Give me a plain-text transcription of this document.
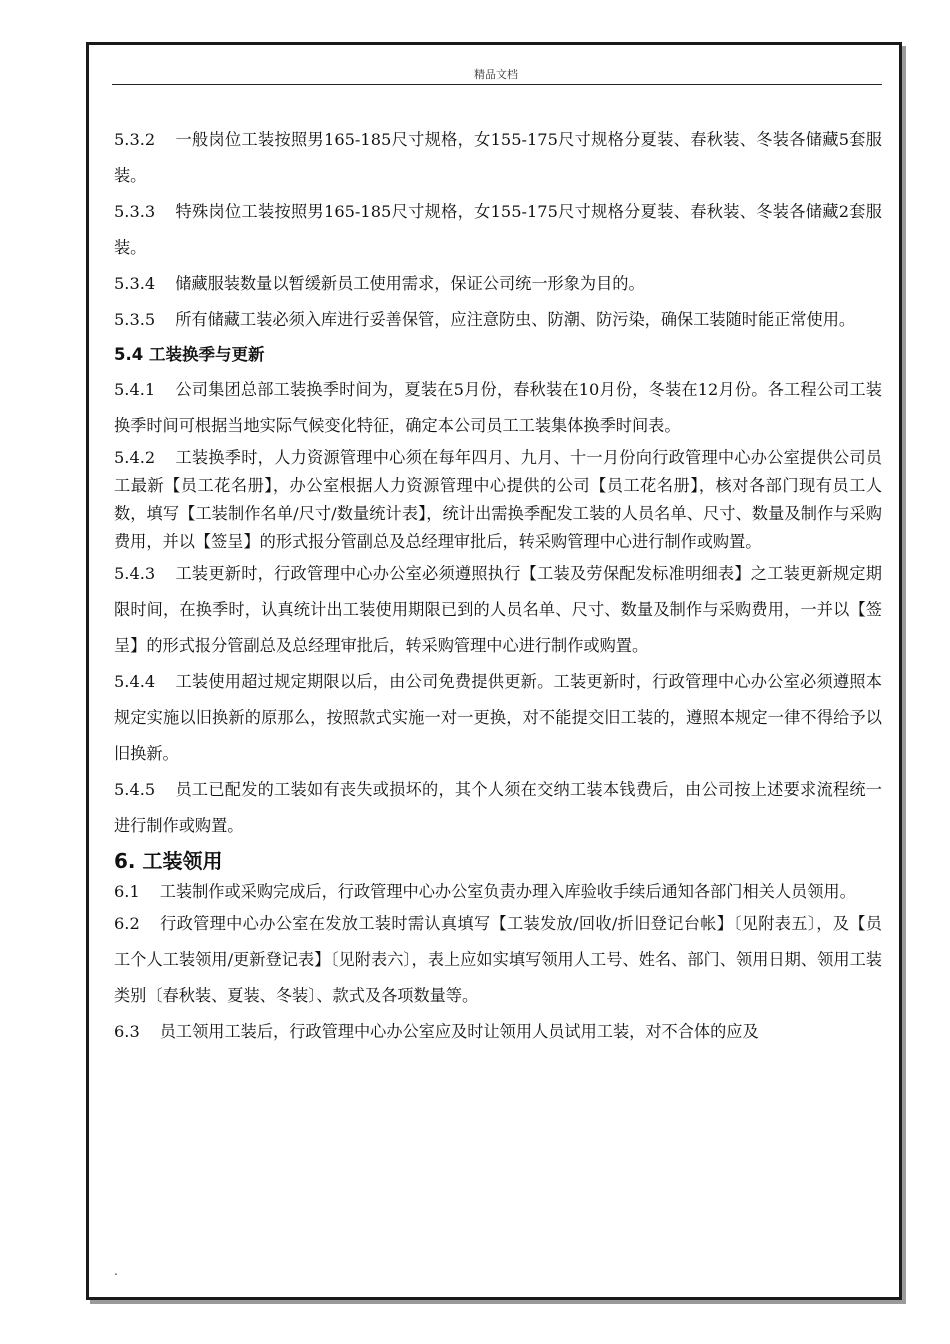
精品文档

5.3.2 一般岗位工装按照男165-185尺寸规格，女155-175尺寸规格分夏装、春秋装、冬装各储藏5套服装。

5.3.3 特殊岗位工装按照男165-185尺寸规格，女155-175尺寸规格分夏装、春秋装、冬装各储藏2套服装。

5.3.4 储藏服装数量以暂缓新员工使用需求，保证公司统一形象为目的。

5.3.5 所有储藏工装必须入库进行妥善保管，应注意防虫、防潮、防污染，确保工装随时能正常使用。

5.4 工装换季与更新

5.4.1 公司集团总部工装换季时间为，夏装在5月份，春秋装在10月份，冬装在12月份。各工程公司工装换季时间可根据当地实际气候变化特征，确定本公司员工工装集体换季时间表。

5.4.2 工装换季时，人力资源管理中心须在每年四月、九月、十一月份向行政管理中心办公室提供公司员工最新【员工花名册】，办公室根据人力资源管理中心提供的公司【员工花名册】，核对各部门现有员工人数，填写【工装制作名单/尺寸/数量统计表】，统计出需换季配发工装的人员名单、尺寸、数量及制作与采购费用，并以【签呈】的形式报分管副总及总经理审批后，转采购管理中心进行制作或购置。

5.4.3 工装更新时，行政管理中心办公室必须遵照执行【工装及劳保配发标准明细表】之工装更新规定期限时间，在换季时，认真统计出工装使用期限已到的人员名单、尺寸、数量及制作与采购费用，一并以【签呈】的形式报分管副总及总经理审批后，转采购管理中心进行制作或购置。

5.4.4 工装使用超过规定期限以后，由公司免费提供更新。工装更新时，行政管理中心办公室必须遵照本规定实施以旧换新的原那么，按照款式实施一对一更换，对不能提交旧工装的，遵照本规定一律不得给予以旧换新。

5.4.5 员工已配发的工装如有丧失或损坏的，其个人须在交纳工装本钱费后，由公司按上述要求流程统一进行制作或购置。

6. 工装领用

6.1 工装制作或采购完成后，行政管理中心办公室负责办理入库验收手续后通知各部门相关人员领用。

6.2 行政管理中心办公室在发放工装时需认真填写【工装发放/回收/折旧登记台帐】〔见附表五〕，及【员工个人工装领用/更新登记表】〔见附表六〕，表上应如实填写领用人工号、姓名、部门、领用日期、领用工装类别〔春秋装、夏装、冬装〕、款式及各项数量等。

6.3 员工领用工装后，行政管理中心办公室应及时让领用人员试用工装，对不合体的应及

.
